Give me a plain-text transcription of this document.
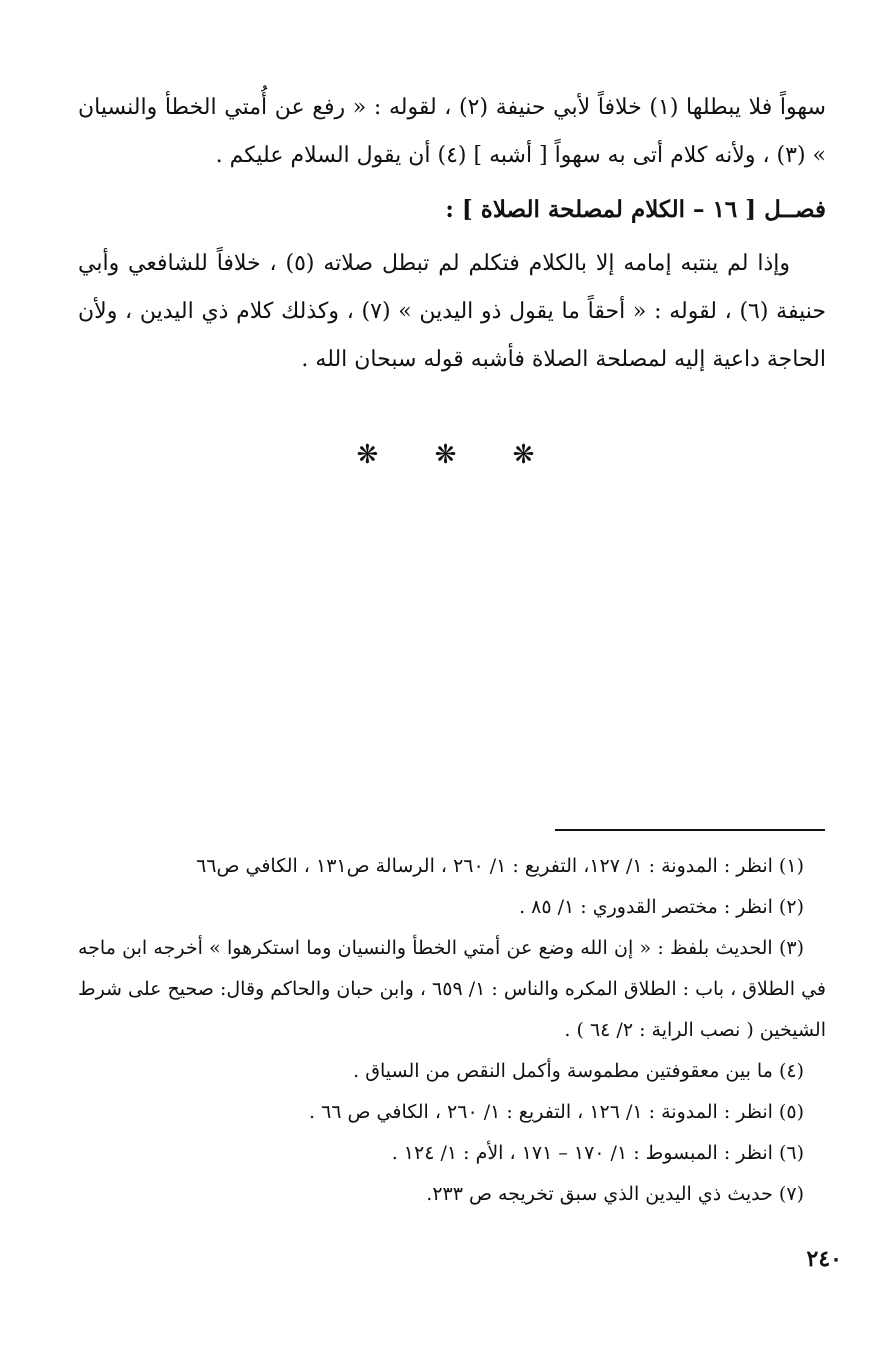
سهواً فلا يبطلها (١) خلافاً لأبي حنيفة (٢) ، لقوله : « رفع عن أُمتي الخطأ والنسيان » (٣) ، ولأنه كلام أتى به سهواً [ أشبه ] (٤) أن يقول السلام عليكم .

فصــل [ ١٦ – الكلام لمصلحة الصلاة ] :

وإذا لم ينتبه إمامه إلا بالكلام فتكلم لم تبطل صلاته (٥) ، خلافاً للشافعي وأبي حنيفة (٦) ، لقوله : « أحقاً ما يقول ذو اليدين » (٧) ، وكذلك كلام ذي اليدين ، ولأن الحاجة داعية إليه لمصلحة الصلاة فأشبه قوله سبحان الله .

❋ ❋ ❋

(١) انظر : المدونة : ١/ ١٢٧، التفريع : ١/ ٢٦٠ ، الرسالة ص١٣١ ، الكافي ص٦٦

(٢) انظر : مختصر القدوري : ١/ ٨٥ .

(٣) الحديث بلفظ : « إن الله وضع عن أمتي الخطأ والنسيان وما استكرهوا » أخرجه ابن ماجه في الطلاق ، باب : الطلاق المكره والناس : ١/ ٦٥٩ ، وابن حبان والحاكم وقال: صحيح على شرط الشيخين ( نصب الراية : ٢/ ٦٤ ) .

(٤) ما بين معقوفتين مطموسة وأكمل النقص من السياق .

(٥) انظر : المدونة : ١/ ١٢٦ ، التفريع : ١/ ٢٦٠ ، الكافي ص ٦٦ .

(٦) انظر : المبسوط : ١/ ١٧٠ – ١٧١ ، الأم : ١/ ١٢٤ .

(٧) حديث ذي اليدين الذي سبق تخريجه ص ٢٣٣.

٢٤٠
